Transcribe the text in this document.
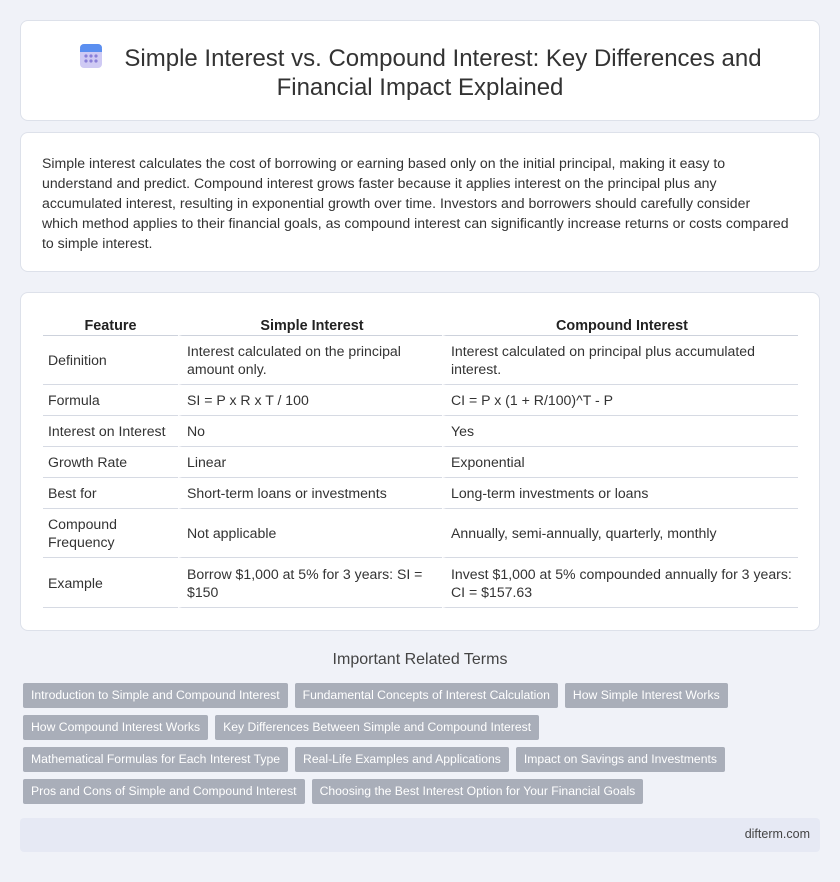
Simple Interest vs. Compound Interest: Key Differences and
Financial Impact Explained

Simple interest calculates the cost of borrowing or earning based only on the initial principal, making it easy to understand and predict. Compound interest grows faster because it applies interest on the principal plus any accumulated interest, resulting in exponential growth over time. Investors and borrowers should carefully consider which method applies to their financial goals, as compound interest can significantly increase returns or costs compared to simple interest.

Feature	Simple Interest	Compound Interest
Definition	Interest calculated on the principal amount only.	Interest calculated on principal plus accumulated interest.
Formula	SI = P x R x T / 100	CI = P x (1 + R/100)^T - P
Interest on Interest	No	Yes
Growth Rate	Linear	Exponential
Best for	Short-term loans or investments	Long-term investments or loans
Compound Frequency	Not applicable	Annually, semi-annually, quarterly, monthly
Example	Borrow $1,000 at 5% for 3 years: SI = $150	Invest $1,000 at 5% compounded annually for 3 years: CI = $157.63
Important Related Terms
Introduction to Simple and Compound Interest	Fundamental Concepts of Interest Calculation	How Simple Interest Works
How Compound Interest Works	Key Differences Between Simple and Compound Interest
Mathematical Formulas for Each Interest Type	Real-Life Examples and Applications	Impact on Savings and Investments
Pros and Cons of Simple and Compound Interest	Choosing the Best Interest Option for Your Financial Goals
difterm.com
